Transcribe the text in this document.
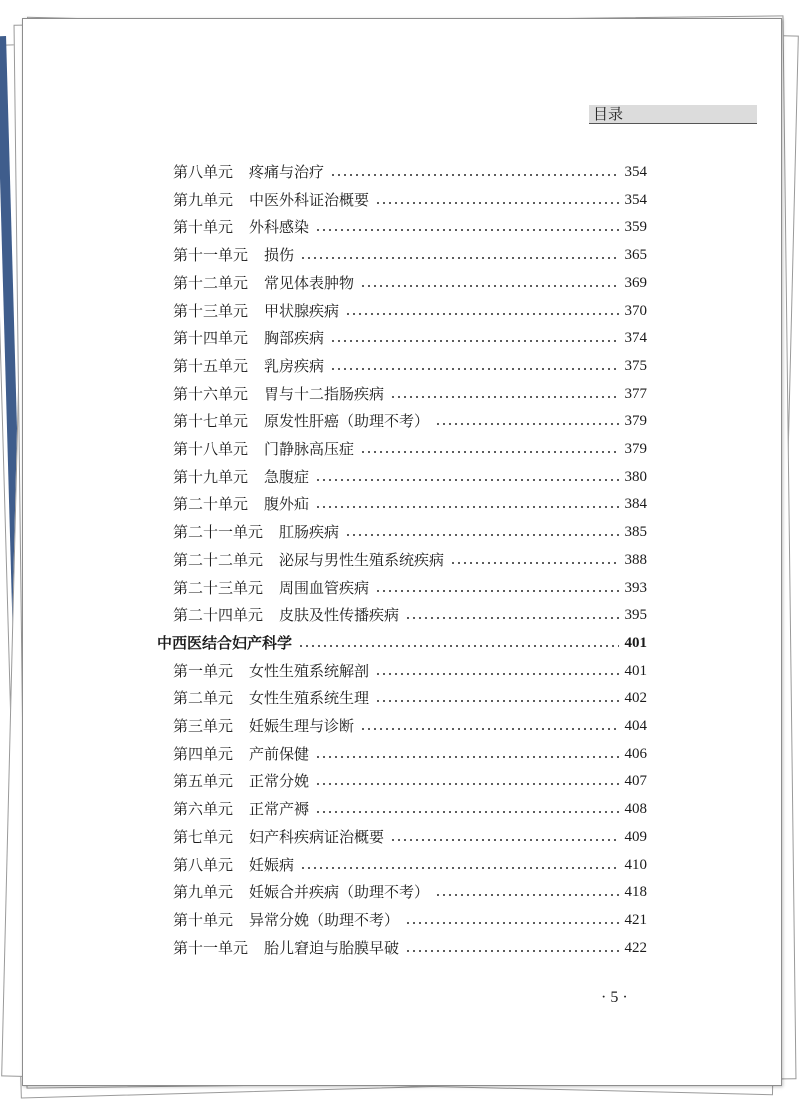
目录
第八单元 疼痛与治疗	354
第九单元 中医外科证治概要	354
第十单元 外科感染	359
第十一单元 损伤	365
第十二单元 常见体表肿物	369
第十三单元 甲状腺疾病	370
第十四单元 胸部疾病	374
第十五单元 乳房疾病	375
第十六单元 胃与十二指肠疾病	377
第十七单元 原发性肝癌（助理不考）	379
第十八单元 门静脉高压症	379
第十九单元 急腹症	380
第二十单元 腹外疝	384
第二十一单元 肛肠疾病	385
第二十二单元 泌尿与男性生殖系统疾病	388
第二十三单元 周围血管疾病	393
第二十四单元 皮肤及性传播疾病	395
中西医结合妇产科学	401
第一单元 女性生殖系统解剖	401
第二单元 女性生殖系统生理	402
第三单元 妊娠生理与诊断	404
第四单元 产前保健	406
第五单元 正常分娩	407
第六单元 正常产褥	408
第七单元 妇产科疾病证治概要	409
第八单元 妊娠病	410
第九单元 妊娠合并疾病（助理不考）	418
第十单元 异常分娩（助理不考）	421
第十一单元 胎儿窘迫与胎膜早破	422
· 5 ·
